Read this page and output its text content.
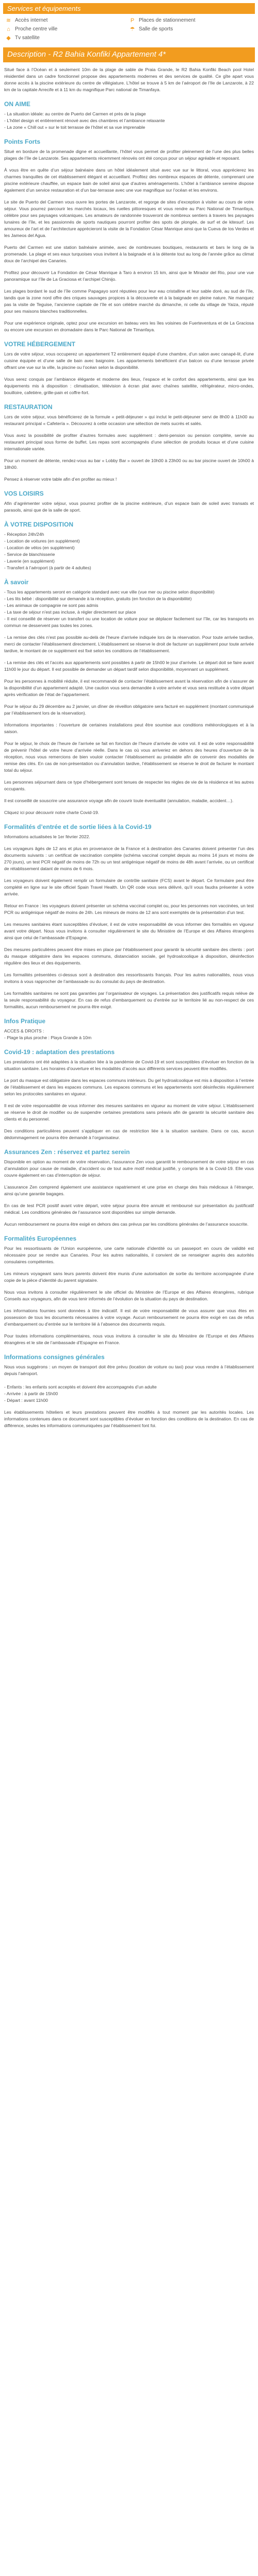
Services et équipements
≋ Accès internet	P Places de stationnement
⌂ Proche centre ville	☂ Salle de sports
◆ Tv satellite
Description - R2 Bahia Konfiki Appartement 4*

Situé face à l’Océan et à seulement 10m de la plage de sable de Praia Grande, le R2 Bahia Konfiki Beach pool Hotel résidentiel dans un cadre fonctionnel propose des appartements modernes et des services de qualité. Ce gîte apart vous donne accès à la piscine extérieure du centre de villégiature. L’hôtel se trouve à 5 km de l’aéroport de l’Ile de Lanzarote, à 22 km de la capitale Arrecife et à 11 km du magnifique Parc national de Timanfaya.

ON AIME

- La situation idéale: au centre de Puerto del Carmen et près de la plage
- L’hôtel design et entièrement rénové avec des chambres et l’ambiance relaxante
- La zone « Chill out » sur le toit terrasse de l’hôtel et sa vue imprenable

Points Forts

Situé en bordure de la promenade digne et accueillante, l’hôtel vous permet de profiter pleinement de l’une des plus belles plages de l’île de Lanzarote. Ses appartements récemment rénovés ont été conçus pour un séjour agréable et reposant.

À vous être en quête d’un séjour balnéaire dans un hôtel idéalement situé avec vue sur le littoral, vous apprécierez les charmes tranquilles de cet établissement élégant et accueillant. Profitez des nombreux espaces de détente, comprenant une piscine extérieure chauffée, un espace bain de soleil ainsi que d’autres aménagements. L’hôtel à l’ambiance sereine dispose également d’un service restauration et d’un bar-terrasse avec une vue magnifique sur l’océan et les environs.

Le site de Puerto del Carmen vous ouvre les portes de Lanzarote, et regorge de sites d’exception à visiter au cours de votre séjour. Vous pourrez parcourir les marchés locaux, les ruelles pittoresques et vous rendre au Parc National de Timanfaya, célèbre pour ses paysages volcaniques. Les amateurs de randonnée trouveront de nombreux sentiers à travers les paysages lunaires de l’île, et les passionnés de sports nautiques pourront profiter des spots de plongée, de surf et de kitesurf. Les amoureux de l’art et de l’architecture apprécieront la visite de la Fondation César Manrique ainsi que la Cueva de los Verdes et les Jameos del Agua.

Puerto del Carmen est une station balnéaire animée, avec de nombreuses boutiques, restaurants et bars le long de la promenade. La plage et ses eaux turquoises vous invitent à la baignade et à la détente tout au long de l’année grâce au climat doux de l’archipel des Canaries.

Profitez pour découvrir La Fondation de César Manrique à Taro à environ 15 km, ainsi que le Mirador del Rio, pour une vue panoramique sur l’île de La Graciosa et l’archipel Chinijo.

Les plages bordant le sud de l’île comme Papagayo sont réputées pour leur eau cristalline et leur sable doré, au sud de l’île, tandis que la zone nord offre des criques sauvages propices à la découverte et à la baignade en pleine nature. Ne manquez pas la visite de Teguise, l’ancienne capitale de l’île et son célèbre marché du dimanche, ni celle du village de Yaiza, réputé pour ses maisons blanches traditionnelles.

Pour une expérience originale, optez pour une excursion en bateau vers les îles voisines de Fuerteventura et de La Graciosa ou encore une excursion en dromadaire dans le Parc National de Timanfaya.

VOTRE HÉBERGEMENT

Lors de votre séjour, vous occuperez un appartement T2 entièrement équipé d’une chambre, d’un salon avec canapé-lit, d’une cuisine équipée et d’une salle de bain avec baignoire. Les appartements bénéficient d’un balcon ou d’une terrasse privée offrant une vue sur la ville, la piscine ou l’océan selon la disponibilité.

Vous serez conquis par l’ambiance élégante et moderne des lieux, l’espace et le confort des appartements, ainsi que les équipements mis à disposition : climatisation, télévision à écran plat avec chaînes satellite, réfrigérateur, micro-ondes, bouilloire, cafetière, grille-pain et coffre-fort.

RESTAURATION

Lors de votre séjour, vous bénéficierez de la formule « petit-déjeuner » qui inclut le petit-déjeuner servi de 8h00 à 11h00 au restaurant principal « Cafetería ». Découvrez à cette occasion une sélection de mets sucrés et salés.

Vous avez la possibilité de profiter d’autres formules avec supplément : demi-pension ou pension complète, servie au restaurant principal sous forme de buffet. Les repas sont accompagnés d’une sélection de produits locaux et d’une cuisine internationale variée.

Pour un moment de détente, rendez-vous au bar « Lobby Bar » ouvert de 10h00 à 23h00 ou au bar piscine ouvert de 10h00 à 18h00.

Pensez à réserver votre table afin d’en profiter au mieux !

VOS LOISIRS

Afin d’agrémenter votre séjour, vous pourrez profiter de la piscine extérieure, d’un espace bain de soleil avec transats et parasols, ainsi que de la salle de sport.

À VOTRE DISPOSITION

- Réception 24h/24h
- Location de voitures (en supplément)
- Location de vélos (en supplément)
- Service de blanchisserie
- Laverie (en supplément)
- Transfert à l’aéroport (à partir de 4 adultes)

À savoir

- Tous les appartements seront en catégorie standard avec vue ville (vue mer ou piscine selon disponibilité)
- Les lits bébé : disponibilité sur demande à la réception, gratuits (en fonction de la disponibilité)
- Les animaux de compagnie ne sont pas admis
- La taxe de séjour n’est pas incluse, à régler directement sur place
- Il est conseillé de réserver un transfert ou une location de voiture pour se déplacer facilement sur l’île, car les transports en commun ne desservent pas toutes les zones.

- La remise des clés n’est pas possible au-delà de l’heure d’arrivée indiquée lors de la réservation. Pour toute arrivée tardive, merci de contacter l’établissement directement. L’établissement se réserve le droit de facturer un supplément pour toute arrivée tardive, le montant de ce supplément est fixé selon les conditions de l’établissement.

- La remise des clés et l’accès aux appartements sont possibles à partir de 15h00 le jour d’arrivée. Le départ doit se faire avant 11h00 le jour du départ. Il est possible de demander un départ tardif selon disponibilité, moyennant un supplément.

Pour les personnes à mobilité réduite, il est recommandé de contacter l’établissement avant la réservation afin de s’assurer de la disponibilité d’un appartement adapté. Une caution vous sera demandée à votre arrivée et vous sera restituée à votre départ après vérification de l’état de l’appartement.

Pour le séjour du 29 décembre au 2 janvier, un dîner de réveillon obligatoire sera facturé en supplément (montant communiqué par l’établissement lors de la réservation).

Informations importantes : l’ouverture de certaines installations peut être soumise aux conditions météorologiques et à la saison.

Pour le séjour, le choix de l’heure de l’arrivée se fait en fonction de l’heure d’arrivée de votre vol. Il est de votre responsabilité de prévenir l’hôtel de votre heure d’arrivée réelle. Dans le cas où vous arriveriez en dehors des heures d’ouverture de la réception, nous vous remercions de bien vouloir contacter l’établissement au préalable afin de convenir des modalités de remise des clés. En cas de non-présentation ou d’annulation tardive, l’établissement se réserve le droit de facturer le montant total du séjour.

Les personnes séjournant dans ce type d’hébergement sont tenues de respecter les règles de vie de la résidence et les autres occupants.

Il est conseillé de souscrire une assurance voyage afin de couvrir toute éventualité (annulation, maladie, accident…).

Cliquez ici pour découvrir notre charte Covid-19.

Formalités d’entrée et de sortie liées à la Covid-19

Informations actualisées le 1er février 2022.

Les voyageurs âgés de 12 ans et plus en provenance de la France et à destination des Canaries doivent présenter l’un des documents suivants : un certificat de vaccination complète (schéma vaccinal complet depuis au moins 14 jours et moins de 270 jours), un test PCR négatif de moins de 72h ou un test antigénique négatif de moins de 48h avant l’arrivée, ou un certificat de rétablissement datant de moins de 6 mois.

Les voyageurs doivent également remplir un formulaire de contrôle sanitaire (FCS) avant le départ. Ce formulaire peut être complété en ligne sur le site officiel Spain Travel Health. Un QR code vous sera délivré, qu’il vous faudra présenter à votre arrivée.

Retour en France : les voyageurs doivent présenter un schéma vaccinal complet ou, pour les personnes non vaccinées, un test PCR ou antigénique négatif de moins de 24h. Les mineurs de moins de 12 ans sont exemptés de la présentation d’un test.

Les mesures sanitaires étant susceptibles d’évoluer, il est de votre responsabilité de vous informer des formalités en vigueur avant votre départ. Nous vous invitons à consulter régulièrement le site du Ministère de l’Europe et des Affaires étrangères ainsi que celui de l’ambassade d’Espagne.

Des mesures particulières peuvent être mises en place par l’établissement pour garantir la sécurité sanitaire des clients : port du masque obligatoire dans les espaces communs, distanciation sociale, gel hydroalcoolique à disposition, désinfection régulière des lieux et des équipements.

Les formalités présentées ci-dessus sont à destination des ressortissants français. Pour les autres nationalités, nous vous invitons à vous rapprocher de l’ambassade ou du consulat du pays de destination.

Les formalités sanitaires ne sont pas garanties par l’organisateur de voyages. La présentation des justificatifs requis relève de la seule responsabilité du voyageur. En cas de refus d’embarquement ou d’entrée sur le territoire lié au non-respect de ces formalités, aucun remboursement ne pourra être exigé.

Infos Pratique

ACCES & DROITS :
- Plage la plus proche : Playa Grande à 10m

Covid-19 : adaptation des prestations

Les prestations ont été adaptées à la situation liée à la pandémie de Covid-19 et sont susceptibles d’évoluer en fonction de la situation sanitaire. Les horaires d’ouverture et les modalités d’accès aux différents services peuvent être modifiés.

Le port du masque est obligatoire dans les espaces communs intérieurs. Du gel hydroalcoolique est mis à disposition à l’entrée de l’établissement et dans les espaces communs. Les espaces communs et les appartements sont désinfectés régulièrement selon les protocoles sanitaires en vigueur.

Il est de votre responsabilité de vous informer des mesures sanitaires en vigueur au moment de votre séjour. L’établissement se réserve le droit de modifier ou de suspendre certaines prestations sans préavis afin de garantir la sécurité sanitaire des clients et du personnel.

Des conditions particulières peuvent s’appliquer en cas de restriction liée à la situation sanitaire. Dans ce cas, aucun dédommagement ne pourra être demandé à l’organisateur.

Assurances Zen : réservez et partez serein

Disponible en option au moment de votre réservation, l’assurance Zen vous garantit le remboursement de votre séjour en cas d’annulation pour cause de maladie, d’accident ou de tout autre motif médical justifié, y compris lié à la Covid-19. Elle vous couvre également en cas d’interruption de séjour.

L’assurance Zen comprend également une assistance rapatriement et une prise en charge des frais médicaux à l’étranger, ainsi qu’une garantie bagages.

En cas de test PCR positif avant votre départ, votre séjour pourra être annulé et remboursé sur présentation du justificatif médical. Les conditions générales de l’assurance sont disponibles sur simple demande.

Aucun remboursement ne pourra être exigé en dehors des cas prévus par les conditions générales de l’assurance souscrite.

Formalités Européennes

Pour les ressortissants de l’Union européenne, une carte nationale d’identité ou un passeport en cours de validité est nécessaire pour se rendre aux Canaries. Pour les autres nationalités, il convient de se renseigner auprès des autorités consulaires compétentes.

Les mineurs voyageant sans leurs parents doivent être munis d’une autorisation de sortie du territoire accompagnée d’une copie de la pièce d’identité du parent signataire.

Nous vous invitons à consulter régulièrement le site officiel du Ministère de l’Europe et des Affaires étrangères, rubrique Conseils aux voyageurs, afin de vous tenir informés de l’évolution de la situation du pays de destination.

Les informations fournies sont données à titre indicatif. Il est de votre responsabilité de vous assurer que vous êtes en possession de tous les documents nécessaires à votre voyage. Aucun remboursement ne pourra être exigé en cas de refus d’embarquement ou d’entrée sur le territoire lié à l’absence des documents requis.

Pour toutes informations complémentaires, nous vous invitons à consulter le site du Ministère de l’Europe et des Affaires étrangères et le site de l’ambassade d’Espagne en France.

Informations consignes générales

Nous vous suggérons : un moyen de transport doit être prévu (location de voiture ou taxi) pour vous rendre à l’établissement depuis l’aéroport.

- Enfants : les enfants sont acceptés et doivent être accompagnés d’un adulte
- Arrivée : à partir de 15h00
- Départ : avant 11h00

Les établissements hôteliers et leurs prestations peuvent être modifiés à tout moment par les autorités locales. Les informations contenues dans ce document sont susceptibles d’évoluer en fonction des conditions de la destination. En cas de différence, seules les informations communiquées par l’établissement font foi.
